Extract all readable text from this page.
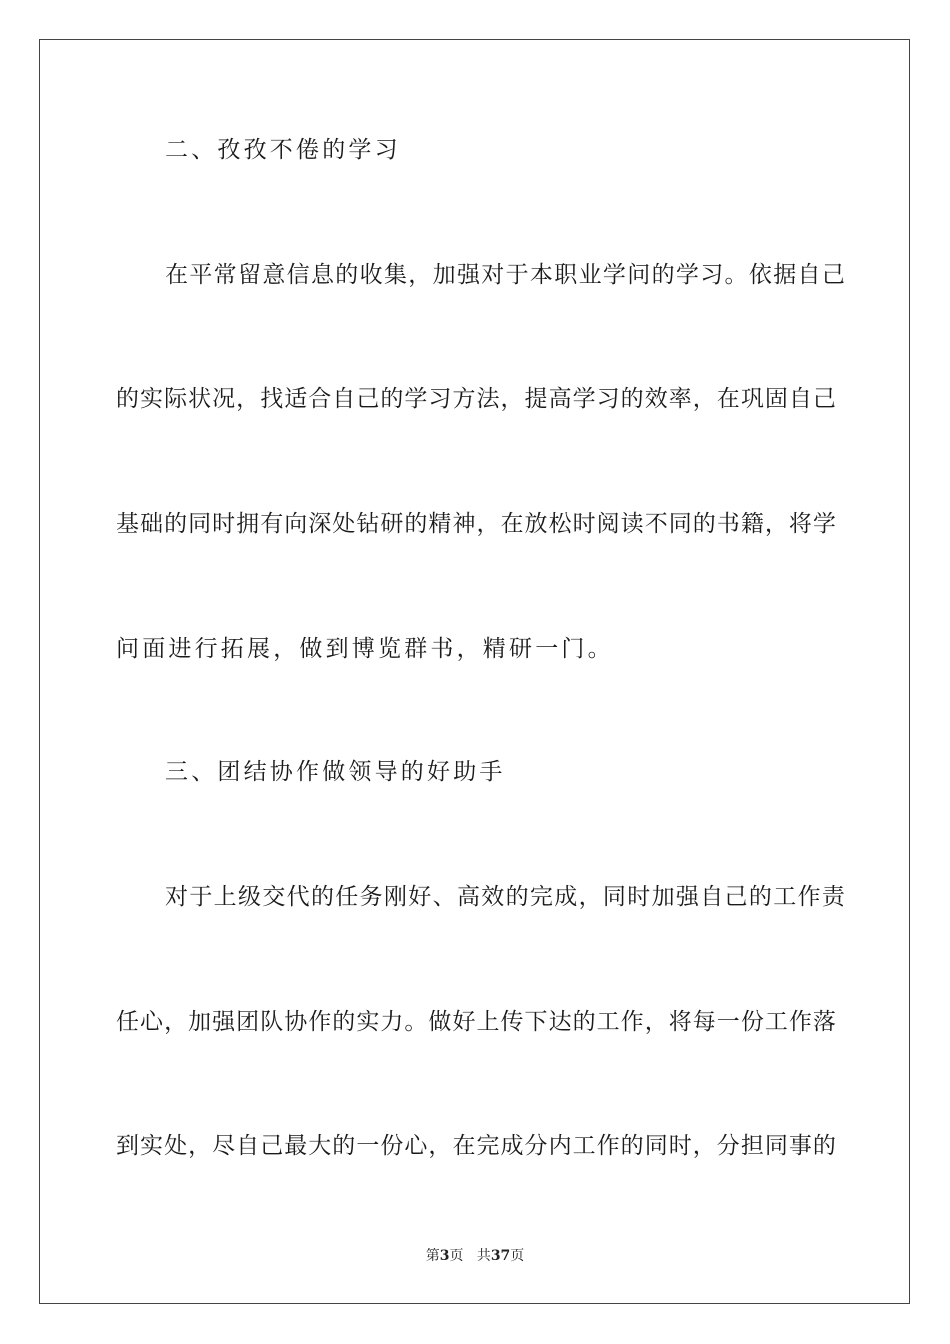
二、孜孜不倦的学习
在 平 常 留 意 信 息 的 收 集 ， 加 强 对 于 本 职 业 学 问 的 学 习 。 依 据 自 己
的 实 际 状 况 ， 找 适 合 自 己 的 学 习 方 法 ， 提 高 学 习 的 效 率 ， 在 巩 固 自 己
基 础 的 同 时 拥 有 向 深 处 钻 研 的 精 神 ， 在 放 松 时 阅 读 不 同 的 书 籍 ， 将 学
问面进行拓展，做到博览群书，精研一门。
三、团结协作做领导的好助手
对 于 上 级 交 代 的 任 务 刚 好 、 高 效 的 完 成 ， 同 时 加 强 自 己 的 工 作 责
任 心 ， 加 强 团 队 协 作 的 实 力 。 做 好 上 传 下 达 的 工 作 ， 将 每 一 份 工 作 落
到 实 处 ， 尽 自 己 最 大 的 一 份 心 ， 在 完 成 分 内 工 作 的 同 时 ， 分 担 同 事 的
第3页 共37页
